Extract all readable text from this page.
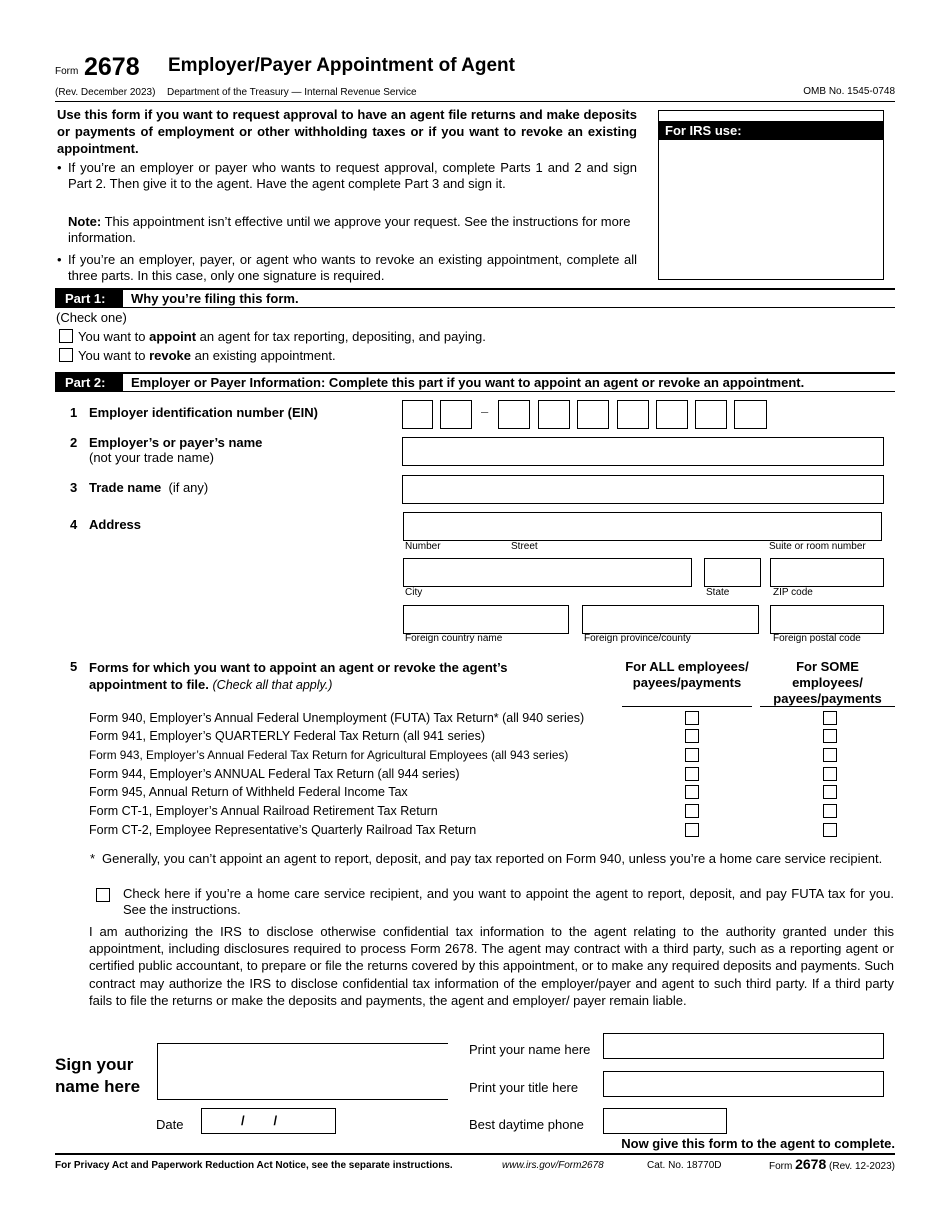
Form 2678 Employer/Payer Appointment of Agent
(Rev. December 2023) Department of the Treasury — Internal Revenue Service	OMB No. 1545-0748
Use this form if you want to request approval to have an agent file returns and make deposits or payments of employment or other withholding taxes or if you want to revoke an existing appointment.
• If you’re an employer or payer who wants to request approval, complete Parts 1 and 2 and sign Part 2. Then give it to the agent. Have the agent complete Part 3 and sign it.
Note: This appointment isn’t effective until we approve your request. See the instructions for more information.
• If you’re an employer, payer, or agent who wants to revoke an existing appointment, complete all three parts. In this case, only one signature is required.
For IRS use:
Part 1:	Why you’re filing this form.
(Check one)
You want to appoint an agent for tax reporting, depositing, and paying.
You want to revoke an existing appointment.
Part 2:	Employer or Payer Information: Complete this part if you want to appoint an agent or revoke an appointment.
1 Employer identification number (EIN)	–
2 Employer’s or payer’s name
(not your trade name)
3 Trade name (if any)
4 Address
Number	Street	Suite or room number
City	State	ZIP code
Foreign country name	Foreign province/county	Foreign postal code
5 Forms for which you want to appoint an agent or revoke the agent’s appointment to file. (Check all that apply.)
For ALL employees/ payees/payments
For SOME employees/ payees/payments
Form 940, Employer’s Annual Federal Unemployment (FUTA) Tax Return* (all 940 series)
Form 941, Employer’s QUARTERLY Federal Tax Return (all 941 series)
Form 943, Employer’s Annual Federal Tax Return for Agricultural Employees (all 943 series)
Form 944, Employer’s ANNUAL Federal Tax Return (all 944 series)
Form 945, Annual Return of Withheld Federal Income Tax
Form CT-1, Employer’s Annual Railroad Retirement Tax Return
Form CT-2, Employee Representative’s Quarterly Railroad Tax Return
* Generally, you can’t appoint an agent to report, deposit, and pay tax reported on Form 940, unless you’re a home care service recipient.
Check here if you’re a home care service recipient, and you want to appoint the agent to report, deposit, and pay FUTA tax for you. See the instructions.
I am authorizing the IRS to disclose otherwise confidential tax information to the agent relating to the authority granted under this appointment, including disclosures required to process Form 2678. The agent may contract with a third party, such as a reporting agent or certified public accountant, to prepare or file the returns covered by this appointment, or to make any required deposits and payments. Such contract may authorize the IRS to disclose confidential tax information of the employer/payer and agent to such third party. If a third party fails to file the returns or make the deposits and payments, the agent and employer/ payer remain liable.
Sign your name here
Date	/        /
Print your name here
Print your title here
Best daytime phone
Now give this form to the agent to complete.
For Privacy Act and Paperwork Reduction Act Notice, see the separate instructions.	www.irs.gov/Form2678	Cat. No. 18770D	Form 2678 (Rev. 12-2023)
